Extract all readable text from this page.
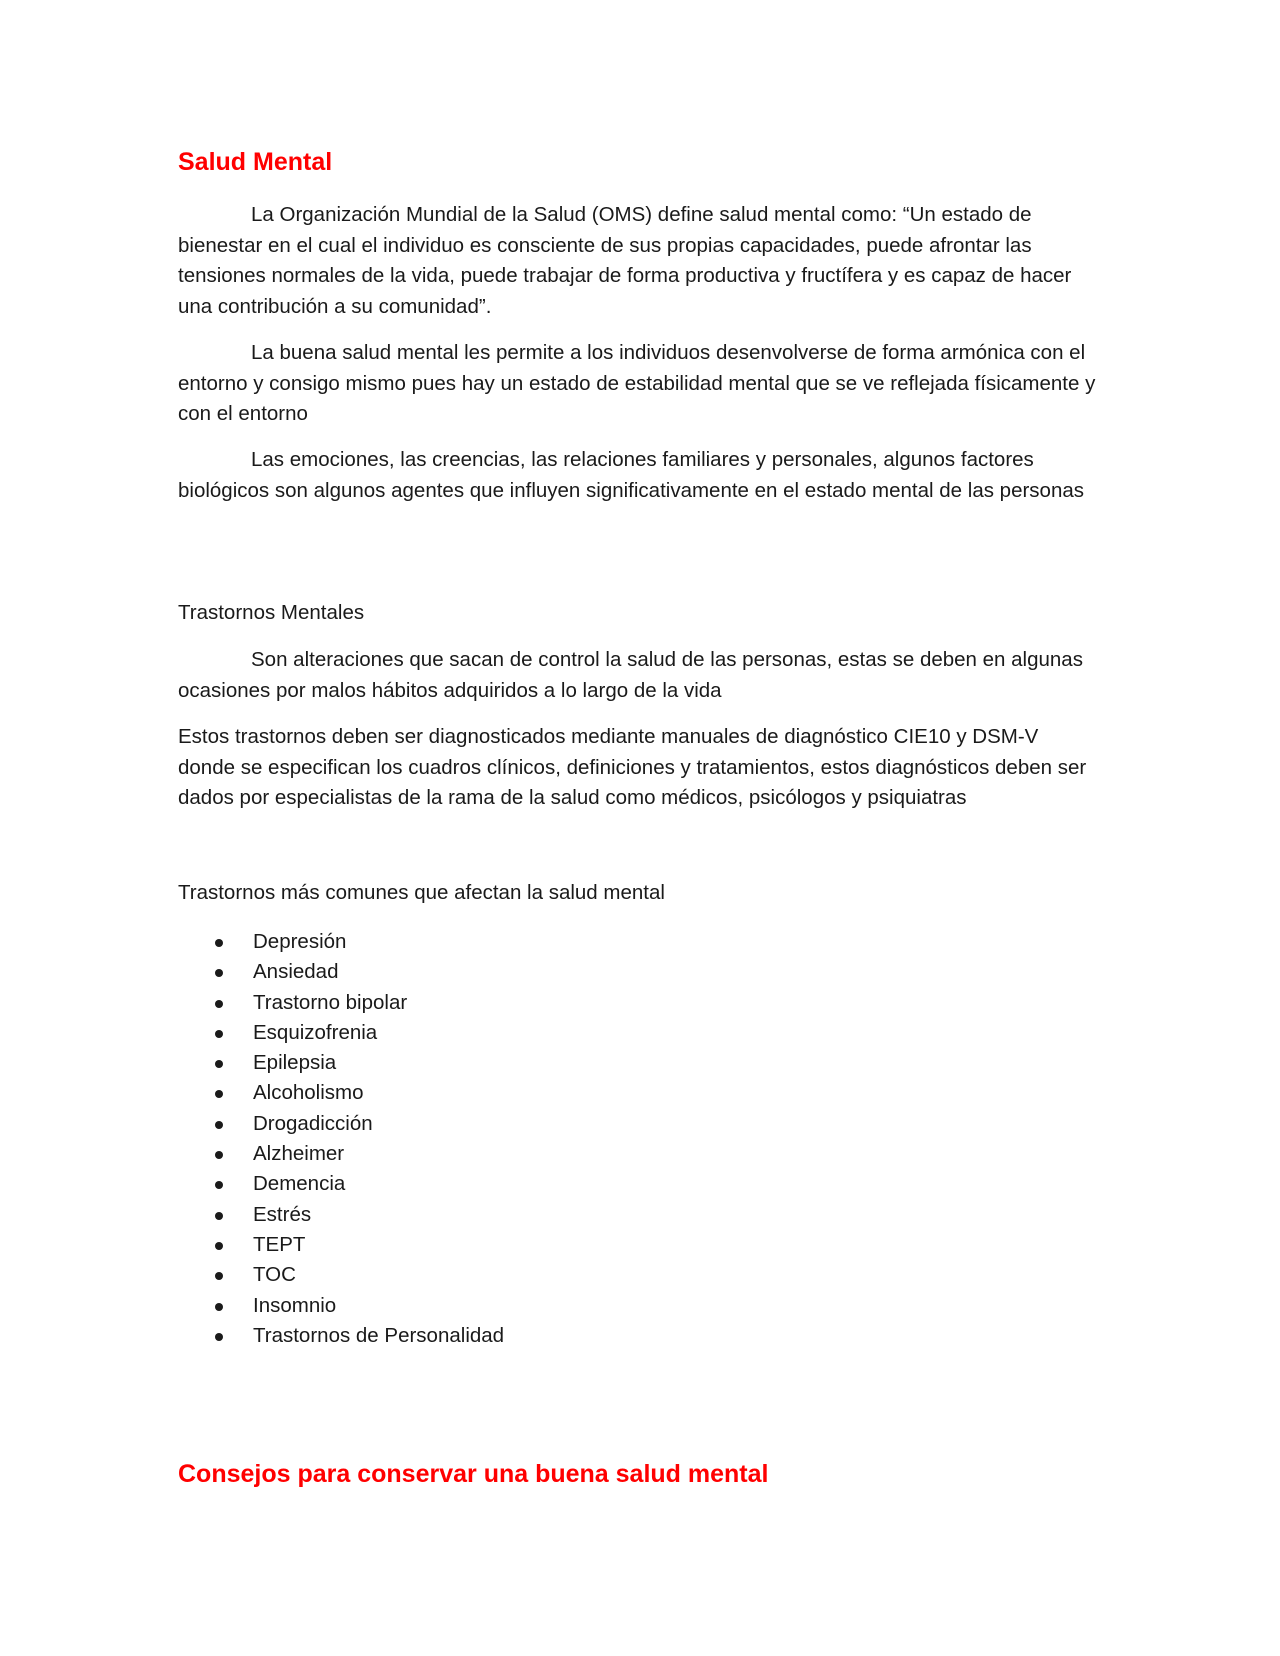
Salud Mental

La Organización Mundial de la Salud (OMS) define salud mental como: “Un estado de bienestar en el cual el individuo es consciente de sus propias capacidades, puede afrontar las tensiones normales de la vida, puede trabajar de forma productiva y fructífera y es capaz de hacer una contribución a su comunidad”.

La buena salud mental les permite a los individuos desenvolverse de forma armónica con el entorno y consigo mismo pues hay un estado de estabilidad mental que se ve reflejada físicamente y con el entorno

Las emociones, las creencias, las relaciones familiares y personales, algunos factores biológicos son algunos agentes que influyen significativamente en el estado mental de las personas

Trastornos Mentales

Son alteraciones que sacan de control la salud de las personas, estas se deben en algunas ocasiones por malos hábitos adquiridos a lo largo de la vida

Estos trastornos deben ser diagnosticados mediante manuales de diagnóstico CIE10 y DSM-V donde se especifican los cuadros clínicos, definiciones y tratamientos, estos diagnósticos deben ser dados por especialistas de la rama de la salud como médicos, psicólogos y psiquiatras

Trastornos más comunes que afectan la salud mental

Depresión
Ansiedad
Trastorno bipolar
Esquizofrenia
Epilepsia
Alcoholismo
Drogadicción
Alzheimer
Demencia
Estrés
TEPT
TOC
Insomnio
Trastornos de Personalidad
Consejos para conservar una buena salud mental
